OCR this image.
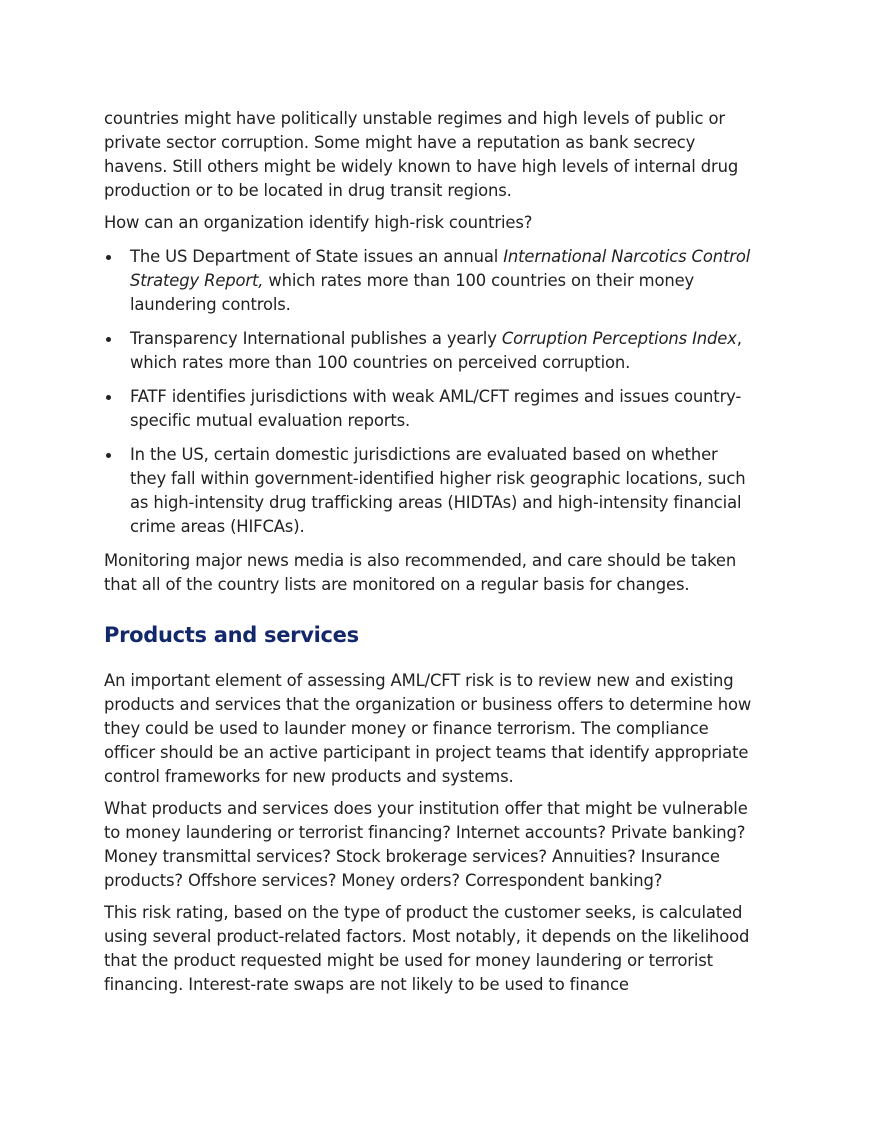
countries might have politically unstable regimes and high levels of public or private sector corruption. Some might have a reputation as bank secrecy havens. Still others might be widely known to have high levels of internal drug production or to be located in drug transit regions.

How can an organization identify high-risk countries?

The US Department of State issues an annual International Narcotics Control Strategy Report, which rates more than 100 countries on their money laundering controls.
Transparency International publishes a yearly Corruption Perceptions Index, which rates more than 100 countries on perceived corruption.
FATF identifies jurisdictions with weak AML/CFT regimes and issues country-specific mutual evaluation reports.
In the US, certain domestic jurisdictions are evaluated based on whether they fall within government-identified higher risk geographic locations, such as high-intensity drug trafficking areas (HIDTAs) and high-intensity financial crime areas (HIFCAs).

Monitoring major news media is also recommended, and care should be taken that all of the country lists are monitored on a regular basis for changes.

Products and services

An important element of assessing AML/CFT risk is to review new and existing products and services that the organization or business offers to determine how they could be used to launder money or finance terrorism. The compliance officer should be an active participant in project teams that identify appropriate control frameworks for new products and systems.

What products and services does your institution offer that might be vulnerable to money laundering or terrorist financing? Internet accounts? Private banking? Money transmittal services? Stock brokerage services? Annuities? Insurance products? Offshore services? Money orders? Correspondent banking?

This risk rating, based on the type of product the customer seeks, is calculated using several product-related factors. Most notably, it depends on the likelihood that the product requested might be used for money laundering or terrorist financing. Interest-rate swaps are not likely to be used to finance
